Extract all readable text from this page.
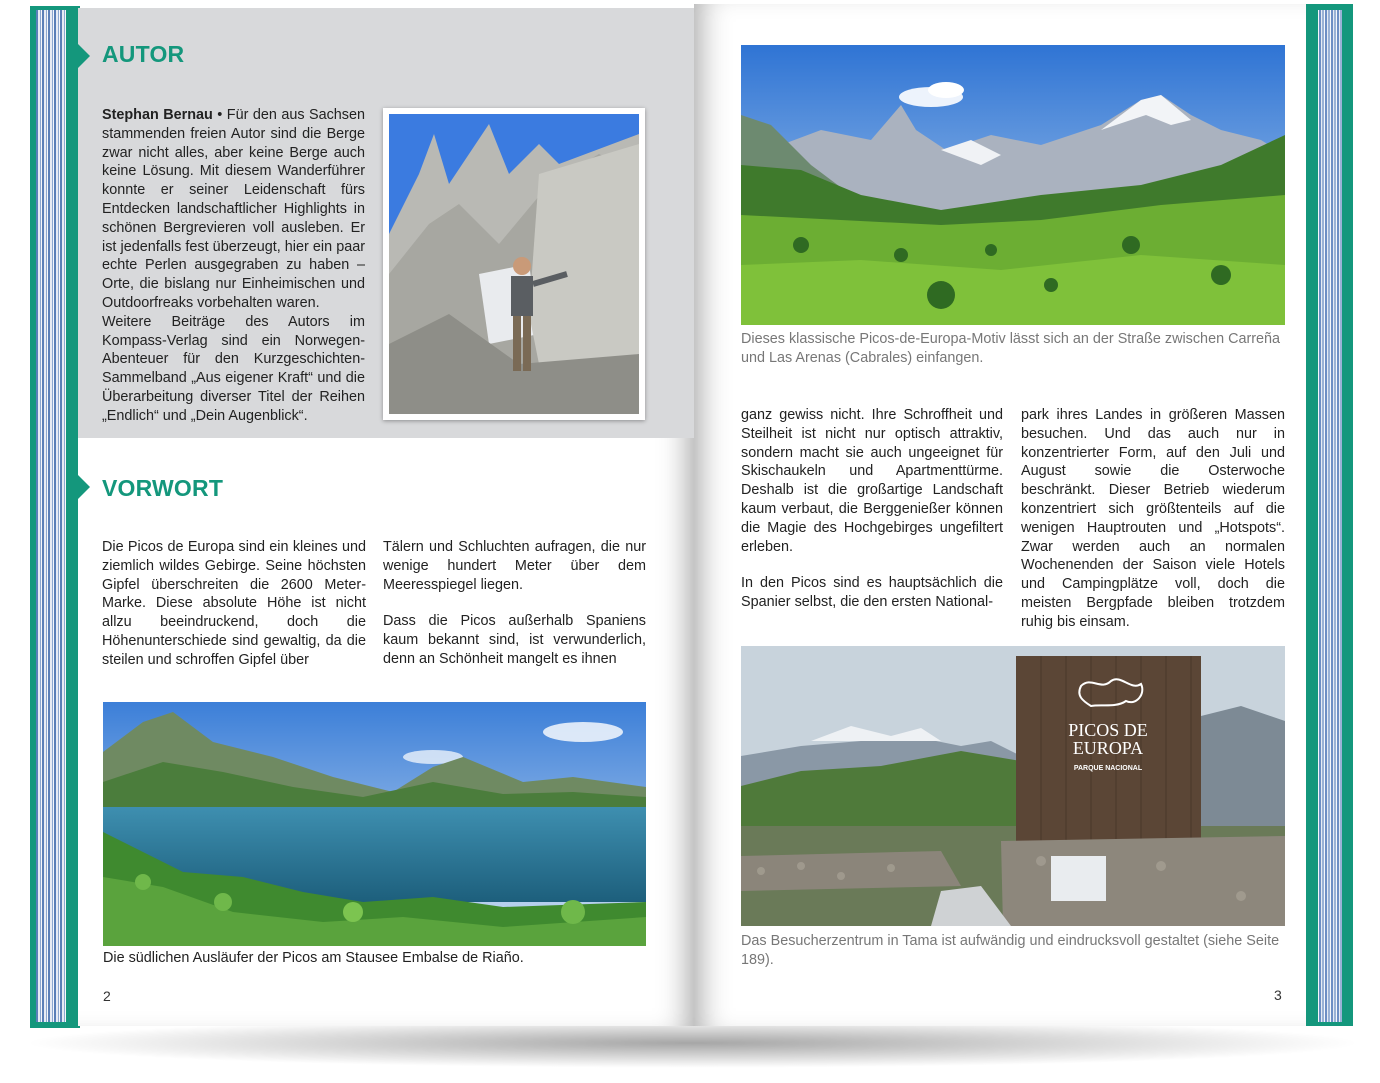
AUTOR

Stephan Bernau • Für den aus Sachsen stammenden freien Autor sind die Berge zwar nicht alles, aber keine Berge auch keine Lösung. Mit diesem Wanderführer konnte er seiner Leidenschaft fürs Entdecken landschaftlicher Highlights in schönen Bergrevieren voll ausleben. Er ist jedenfalls fest überzeugt, hier ein paar echte Perlen ausgegraben zu haben – Orte, die bislang nur Einheimischen und Outdoorfreaks vorbehalten waren.

Weitere Beiträge des Autors im Kompass-Verlag sind ein Norwegen-Abenteuer für den Kurzgeschichten-Sammelband „Aus eigener Kraft“ und die Überarbeitung diverser Titel der Reihen „Endlich“ und „Dein Augenblick“.

VORWORT

Die Picos de Europa sind ein kleines und ziemlich wildes Gebirge. Seine höchsten Gipfel überschreiten die 2600 Meter-Marke. Diese absolute Höhe ist nicht allzu beeindruckend, doch die Höhenunterschiede sind gewaltig, da die steilen und schroffen Gipfel über

Tälern und Schluchten aufragen, die nur wenige hundert Meter über dem Meeresspiegel liegen.

Dass die Picos außerhalb Spaniens kaum bekannt sind, ist verwunderlich, denn an Schönheit mangelt es ihnen

Die südlichen Ausläufer der Picos am Stausee Embalse de Riaño.
2
Dieses klassische Picos-de-Europa-Motiv lässt sich an der Straße zwischen Carreña und Las Arenas (Cabrales) einfangen.

ganz gewiss nicht. Ihre Schroffheit und Steilheit ist nicht nur optisch attraktiv, sondern macht sie auch ungeeignet für Skischaukeln und Apartmenttürme. Deshalb ist die großartige Landschaft kaum verbaut, die Berggenießer können die Magie des Hochgebirges ungefiltert erleben.

In den Picos sind es hauptsächlich die Spanier selbst, die den ersten National-

park ihres Landes in größeren Massen besuchen. Und das auch nur in konzentrierter Form, auf den Juli und August sowie die Osterwoche beschränkt. Dieser Betrieb wiederum konzentriert sich größtenteils auf die wenigen Hauptrouten und „Hotspots“. Zwar werden auch an normalen Wochenenden der Saison viele Hotels und Campingplätze voll, doch die meisten Bergpfade bleiben trotzdem ruhig bis einsam.

PICOS DE
EUROPA
PARQUE NACIONAL
Das Besucherzentrum in Tama ist aufwändig und eindrucksvoll gestaltet (siehe Seite 189).
3
